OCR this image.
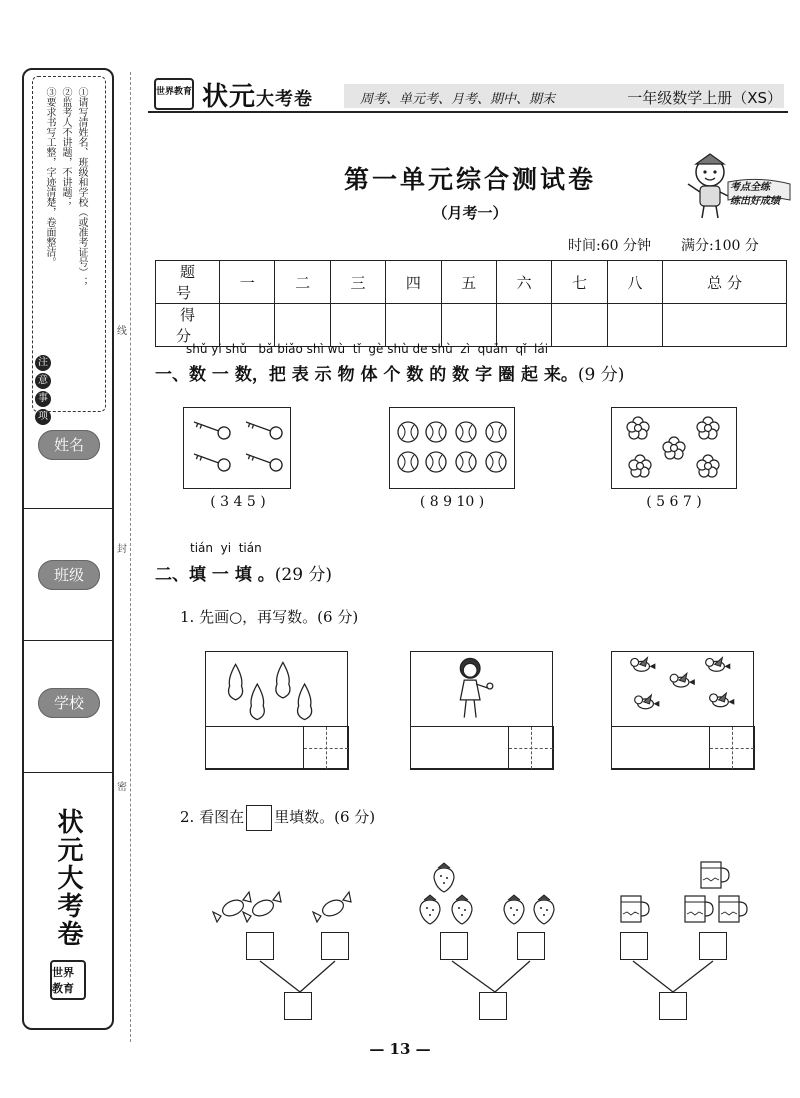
①请写清姓名、班级和学校（或准考证号）；
②监考人不讲题，不讲题；
③要求书写工整，字迹清楚，卷面整洁。
注
意
事
项
姓名
班级
学校
状元大考卷
世界教育
线
封
密
世界教育 状元大考卷	周考、单元考、月考、期中、期末	一年级数学上册（XS）
第一单元综合测试卷
（月考一）
考点全练
练出好成绩
时间:60 分钟 满分:100 分
题 号	一	二	三	四	五	六	七	八	总 分
得 分									
shǔ yi shǔ   bǎ biǎo shì wù  tǐ  gè shù de shù  zì  quān  qǐ  lái
一、数 一 数，把 表 示 物 体 个 数 的 数 字 圈 起 来。(9 分)
( 3 4 5 )	( 8 9 10 )	( 5 6 7 )
tián  yi  tián
二、填 一 填 。(29 分)
1. 先画○，再写数。(6 分)
2. 看图在 里填数。(6 分)
— 13 —
